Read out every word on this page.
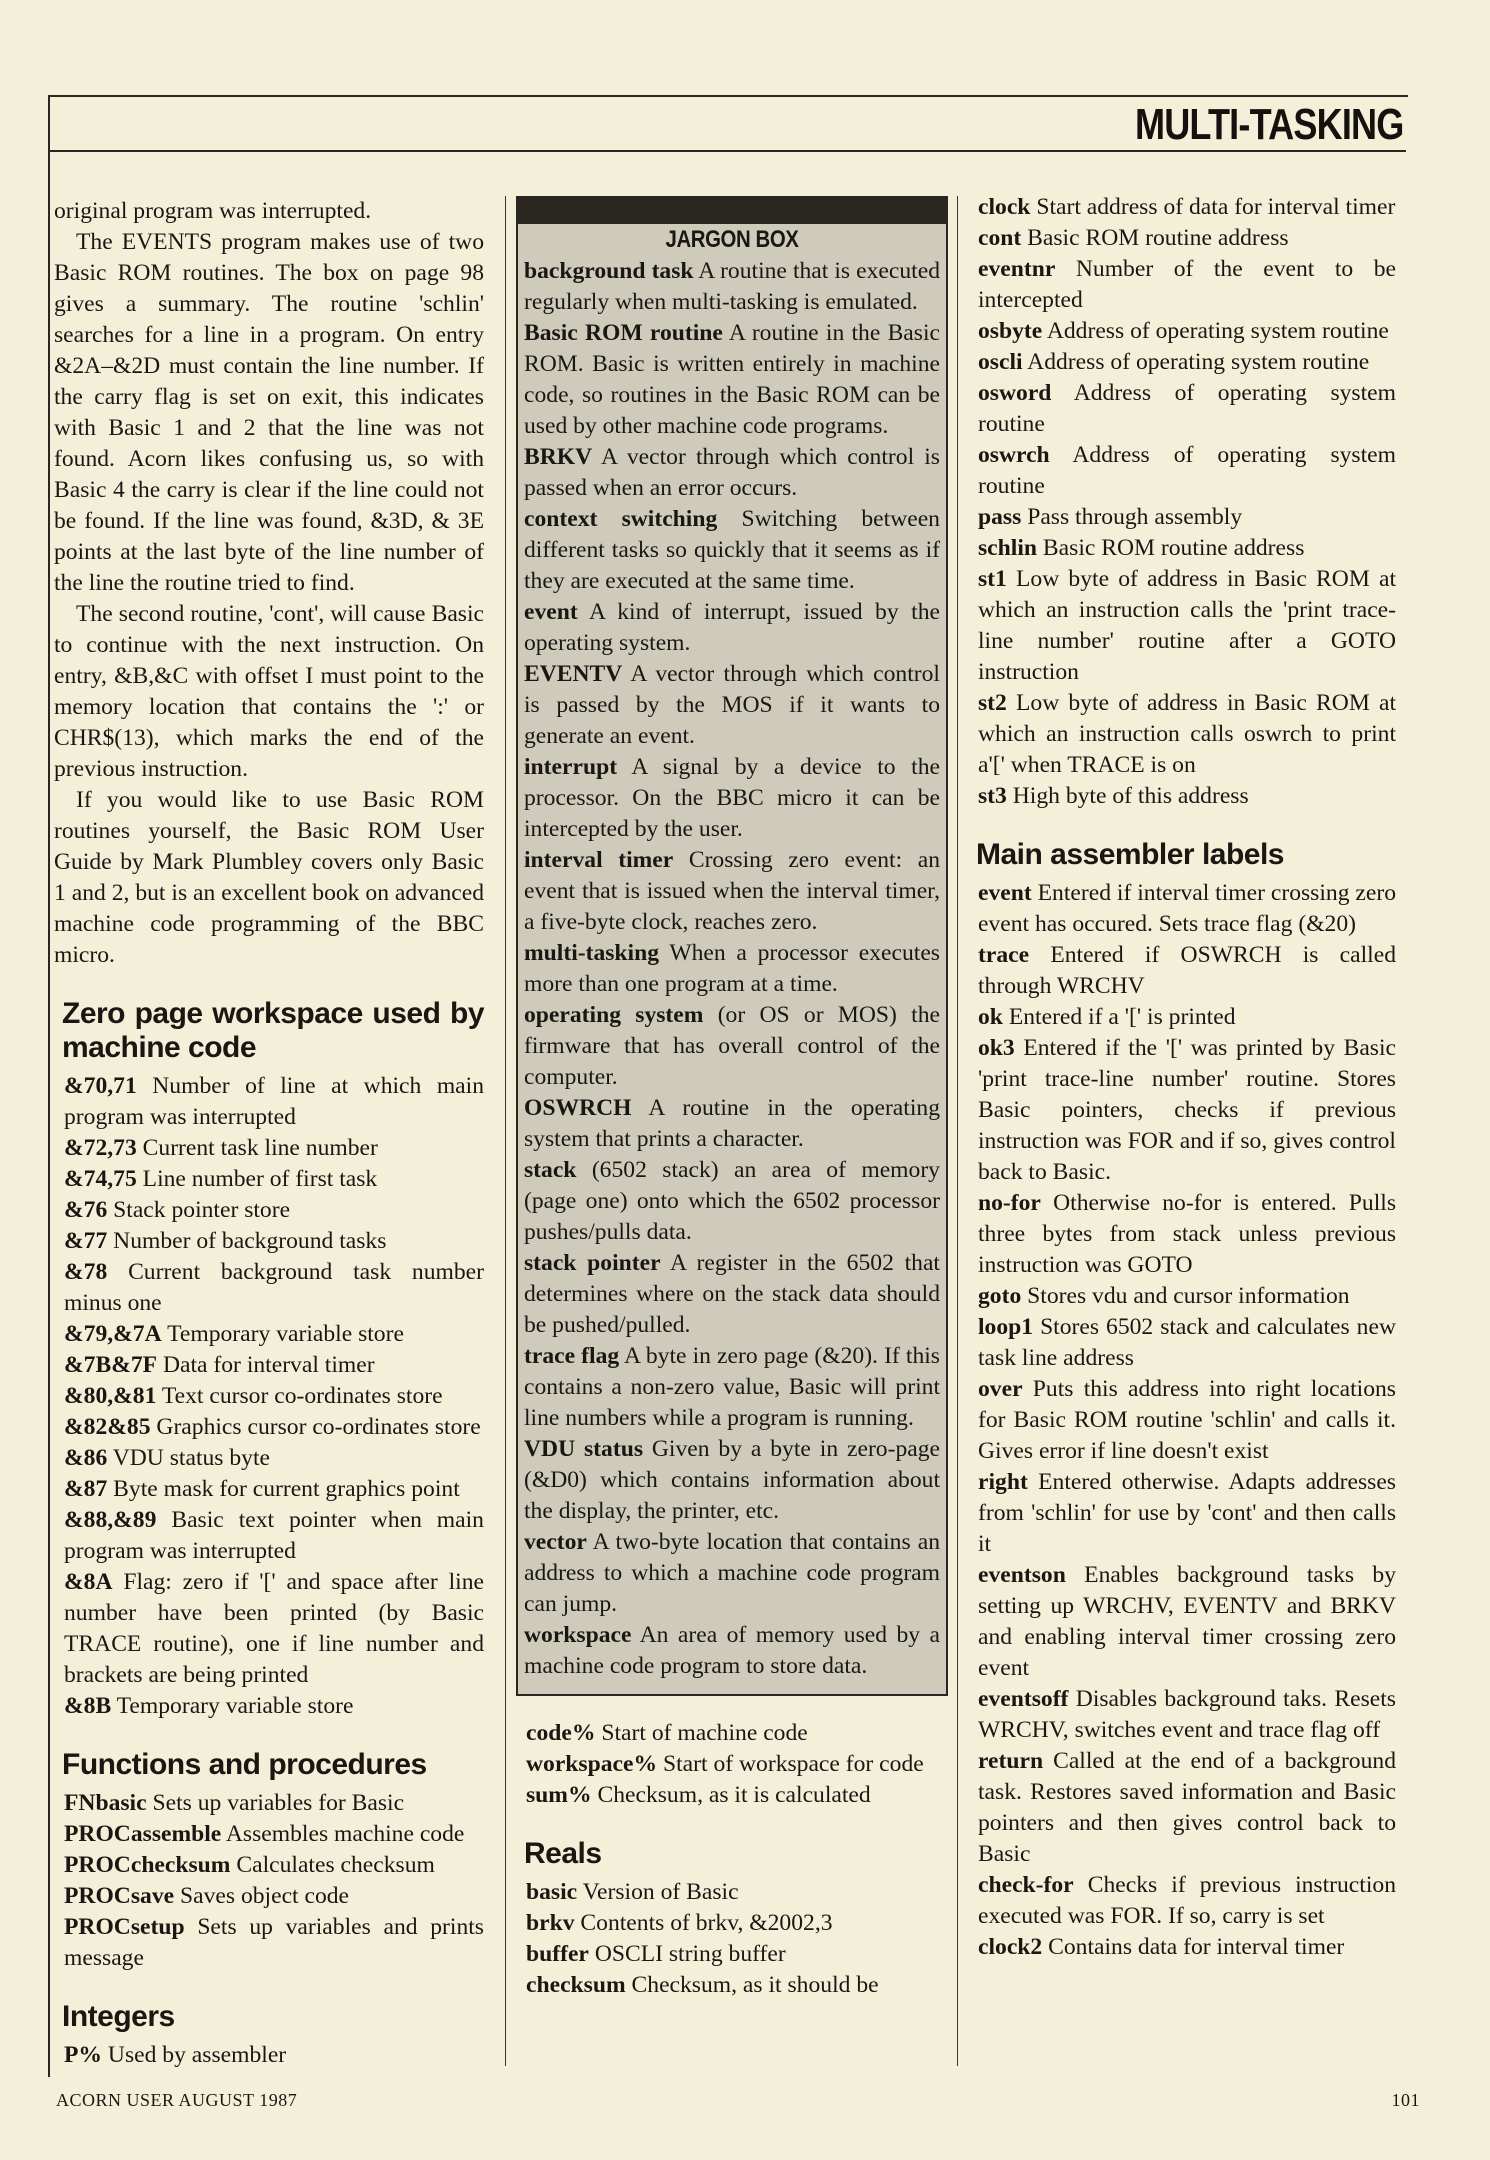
MULTI-TASKING

original program was interrupted.

The EVENTS program makes use of two Basic ROM routines. The box on page 98 gives a summary. The routine 'schlin' searches for a line in a program. On entry &2A–&2D must contain the line number. If the carry flag is set on exit, this indicates with Basic 1 and 2 that the line was not found. Acorn likes confusing us, so with Basic 4 the carry is clear if the line could not be found. If the line was found, &3D, & 3E points at the last byte of the line number of the line the routine tried to find.

The second routine, 'cont', will cause Basic to continue with the next instruction. On entry, &B,&C with offset I must point to the memory location that contains the ':' or CHR$(13), which marks the end of the previous instruction.

If you would like to use Basic ROM routines yourself, the Basic ROM User Guide by Mark Plumbley covers only Basic 1 and 2, but is an excellent book on advanced machine code programming of the BBC micro.

Zero page workspace used by machine code

&70,71 Number of line at which main program was interrupted

&72,73 Current task line number

&74,75 Line number of first task

&76 Stack pointer store

&77 Number of background tasks

&78 Current background task number minus one

&79,&7A Temporary variable store

&7B&7F Data for interval timer

&80,&81 Text cursor co-ordinates store

&82&85 Graphics cursor co-ordinates store

&86 VDU status byte

&87 Byte mask for current graphics point

&88,&89 Basic text pointer when main program was interrupted

&8A Flag: zero if '[' and space after line number have been printed (by Basic TRACE routine), one if line number and brackets are being printed

&8B Temporary variable store

Functions and procedures

FNbasic Sets up variables for Basic

PROCassemble Assembles machine code

PROCchecksum Calculates checksum

PROCsave Saves object code

PROCsetup Sets up variables and prints message

Integers

P% Used by assembler

JARGON BOX

background task A routine that is executed regularly when multi-tasking is emulated.

Basic ROM routine A routine in the Basic ROM. Basic is written entirely in machine code, so routines in the Basic ROM can be used by other machine code programs.

BRKV A vector through which control is passed when an error occurs.

context switching Switching between different tasks so quickly that it seems as if they are executed at the same time.

event A kind of interrupt, issued by the operating system.

EVENTV A vector through which control is passed by the MOS if it wants to generate an event.

interrupt A signal by a device to the processor. On the BBC micro it can be intercepted by the user.

interval timer Crossing zero event: an event that is issued when the interval timer, a five-byte clock, reaches zero.

multi-tasking When a processor executes more than one program at a time.

operating system (or OS or MOS) the firmware that has overall control of the computer.

OSWRCH A routine in the operating system that prints a character.

stack (6502 stack) an area of memory (page one) onto which the 6502 processor pushes/pulls data.

stack pointer A register in the 6502 that determines where on the stack data should be pushed/pulled.

trace flag A byte in zero page (&20). If this contains a non-zero value, Basic will print line numbers while a program is running.

VDU status Given by a byte in zero-page (&D0) which contains information about the display, the printer, etc.

vector A two-byte location that contains an address to which a machine code program can jump.

workspace An area of memory used by a machine code program to store data.

code% Start of machine code

workspace% Start of workspace for code

sum% Checksum, as it is calculated

Reals

basic Version of Basic

brkv Contents of brkv, &2002,3

buffer OSCLI string buffer

checksum Checksum, as it should be

clock Start address of data for interval timer

cont Basic ROM routine address

eventnr Number of the event to be intercepted

osbyte Address of operating system routine

oscli Address of operating system routine

osword Address of operating system routine

oswrch Address of operating system routine

pass Pass through assembly

schlin Basic ROM routine address

st1 Low byte of address in Basic ROM at which an instruction calls the 'print trace-line number' routine after a GOTO instruction

st2 Low byte of address in Basic ROM at which an instruction calls oswrch to print a'[' when TRACE is on

st3 High byte of this address

Main assembler labels

event Entered if interval timer crossing zero event has occured. Sets trace flag (&20)

trace Entered if OSWRCH is called through WRCHV

ok Entered if a '[' is printed

ok3 Entered if the '[' was printed by Basic 'print trace-line number' routine. Stores Basic pointers, checks if previous instruction was FOR and if so, gives control back to Basic.

no-for Otherwise no-for is entered. Pulls three bytes from stack unless previous instruction was GOTO

goto Stores vdu and cursor information

loop1 Stores 6502 stack and calculates new task line address

over Puts this address into right locations for Basic ROM routine 'schlin' and calls it. Gives error if line doesn't exist

right Entered otherwise. Adapts addresses from 'schlin' for use by 'cont' and then calls it

eventson Enables background tasks by setting up WRCHV, EVENTV and BRKV and enabling interval timer crossing zero event

eventsoff Disables background taks. Resets WRCHV, switches event and trace flag off

return Called at the end of a background task. Restores saved information and Basic pointers and then gives control back to Basic

check-for Checks if previous instruction executed was FOR. If so, carry is set

clock2 Contains data for interval timer

ACORN USER AUGUST 1987	101
